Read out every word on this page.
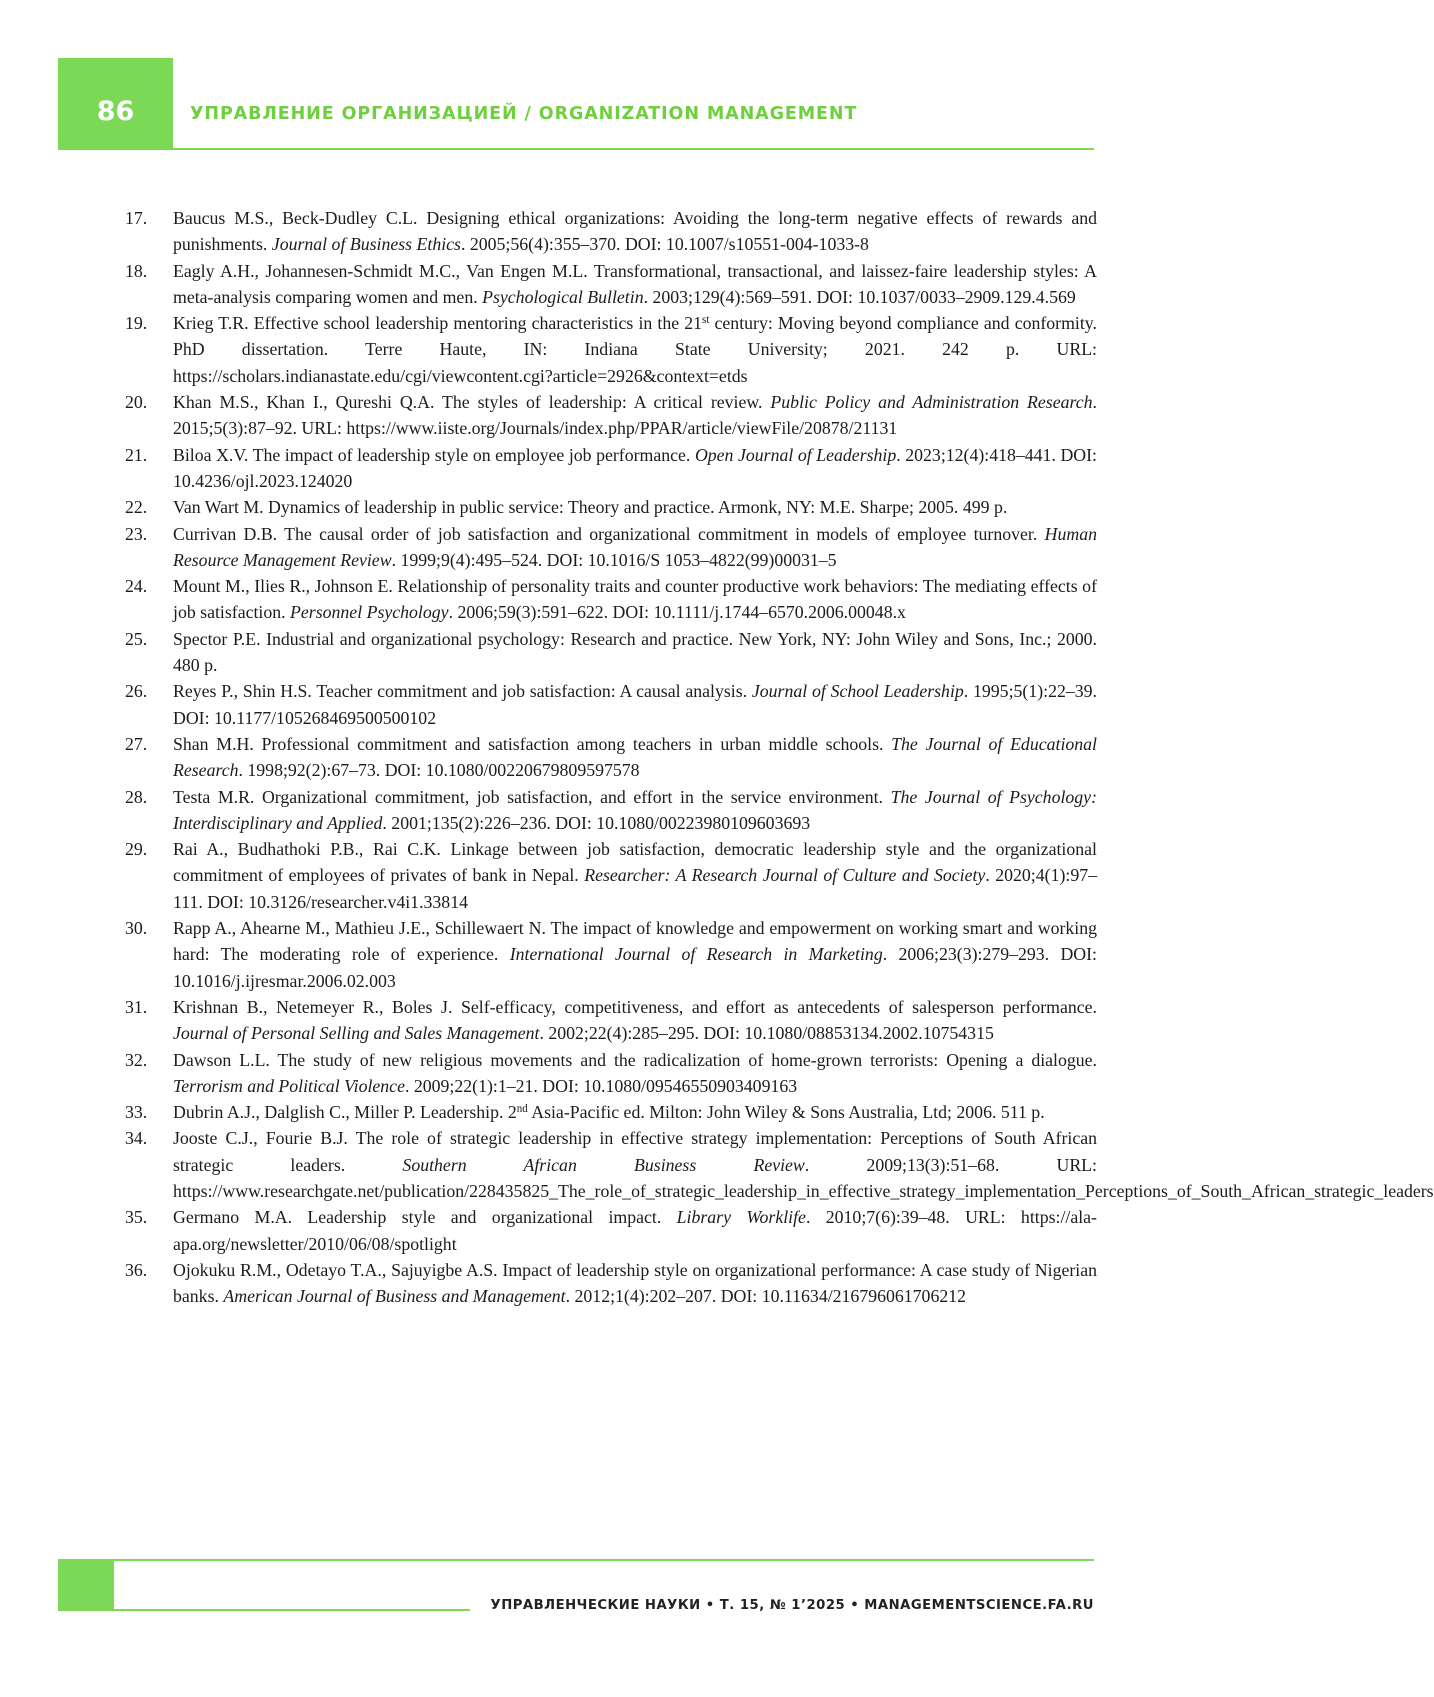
86	УПРАВЛЕНИЕ ОРГАНИЗАЦИЕЙ / ORGANIZATION MANAGEMENT
17. Baucus M.S., Beck-Dudley C.L. Designing ethical organizations: Avoiding the long-term negative effects of rewards and punishments. Journal of Business Ethics. 2005;56(4):355–370. DOI: 10.1007/s10551-004-1033-8
18. Eagly A.H., Johannesen-Schmidt M.C., Van Engen M.L. Transformational, transactional, and laissez-faire leadership styles: A meta-analysis comparing women and men. Psychological Bulletin. 2003;129(4):569–591. DOI: 10.1037/0033–2909.129.4.569
19. Krieg T.R. Effective school leadership mentoring characteristics in the 21st century: Moving beyond compliance and conformity. PhD dissertation. Terre Haute, IN: Indiana State University; 2021. 242 p. URL: https://scholars.indianastate.edu/cgi/viewcontent.cgi?article=2926&context=etds
20. Khan M.S., Khan I., Qureshi Q.A. The styles of leadership: A critical review. Public Policy and Administration Research. 2015;5(3):87–92. URL: https://www.iiste.org/Journals/index.php/PPAR/article/viewFile/20878/21131
21. Biloa X.V. The impact of leadership style on employee job performance. Open Journal of Leadership. 2023;12(4):418–441. DOI: 10.4236/ojl.2023.124020
22. Van Wart M. Dynamics of leadership in public service: Theory and practice. Armonk, NY: M.E. Sharpe; 2005. 499 p.
23. Currivan D.B. The causal order of job satisfaction and organizational commitment in models of employee turnover. Human Resource Management Review. 1999;9(4):495–524. DOI: 10.1016/S 1053–4822(99)00031–5
24. Mount M., Ilies R., Johnson E. Relationship of personality traits and counter productive work behaviors: The mediating effects of job satisfaction. Personnel Psychology. 2006;59(3):591–622. DOI: 10.1111/j.1744–6570.2006.00048.x
25. Spector P.E. Industrial and organizational psychology: Research and practice. New York, NY: John Wiley and Sons, Inc.; 2000. 480 p.
26. Reyes P., Shin H.S. Teacher commitment and job satisfaction: A causal analysis. Journal of School Leadership. 1995;5(1):22–39. DOI: 10.1177/105268469500500102
27. Shan M.H. Professional commitment and satisfaction among teachers in urban middle schools. The Journal of Educational Research. 1998;92(2):67–73. DOI: 10.1080/00220679809597578
28. Testa M.R. Organizational commitment, job satisfaction, and effort in the service environment. The Journal of Psychology: Interdisciplinary and Applied. 2001;135(2):226–236. DOI: 10.1080/00223980109603693
29. Rai A., Budhathoki P.B., Rai C.K. Linkage between job satisfaction, democratic leadership style and the organizational commitment of employees of privates of bank in Nepal. Researcher: A Research Journal of Culture and Society. 2020;4(1):97–111. DOI: 10.3126/researcher.v4i1.33814
30. Rapp A., Ahearne M., Mathieu J.E., Schillewaert N. The impact of knowledge and empowerment on working smart and working hard: The moderating role of experience. International Journal of Research in Marketing. 2006;23(3):279–293. DOI: 10.1016/j.ijresmar.2006.02.003
31. Krishnan B., Netemeyer R., Boles J. Self-efficacy, competitiveness, and effort as antecedents of salesperson performance. Journal of Personal Selling and Sales Management. 2002;22(4):285–295. DOI: 10.1080/08853134.2002.10754315
32. Dawson L.L. The study of new religious movements and the radicalization of home-grown terrorists: Opening a dialogue. Terrorism and Political Violence. 2009;22(1):1–21. DOI: 10.1080/09546550903409163
33. Dubrin A.J., Dalglish C., Miller P. Leadership. 2nd Asia-Pacific ed. Milton: John Wiley & Sons Australia, Ltd; 2006. 511 p.
34. Jooste C.J., Fourie B.J. The role of strategic leadership in effective strategy implementation: Perceptions of South African strategic leaders. Southern African Business Review. 2009;13(3):51–68. URL: https://www.researchgate.net/publication/228435825_The_role_of_strategic_leadership_in_effective_strategy_implementation_Perceptions_of_South_African_strategic_leaders
35. Germano M.A. Leadership style and organizational impact. Library Worklife. 2010;7(6):39–48. URL: https://ala-apa.org/newsletter/2010/06/08/spotlight
36. Ojokuku R.M., Odetayo T.A., Sajuyigbe A.S. Impact of leadership style on organizational performance: A case study of Nigerian banks. American Journal of Business and Management. 2012;1(4):202–207. DOI: 10.11634/216796061706212
УПРАВЛЕНЧЕСКИЕ НАУКИ • Т. 15, № 1’2025 • MANAGEMENTSCIENCE.FA.RU
